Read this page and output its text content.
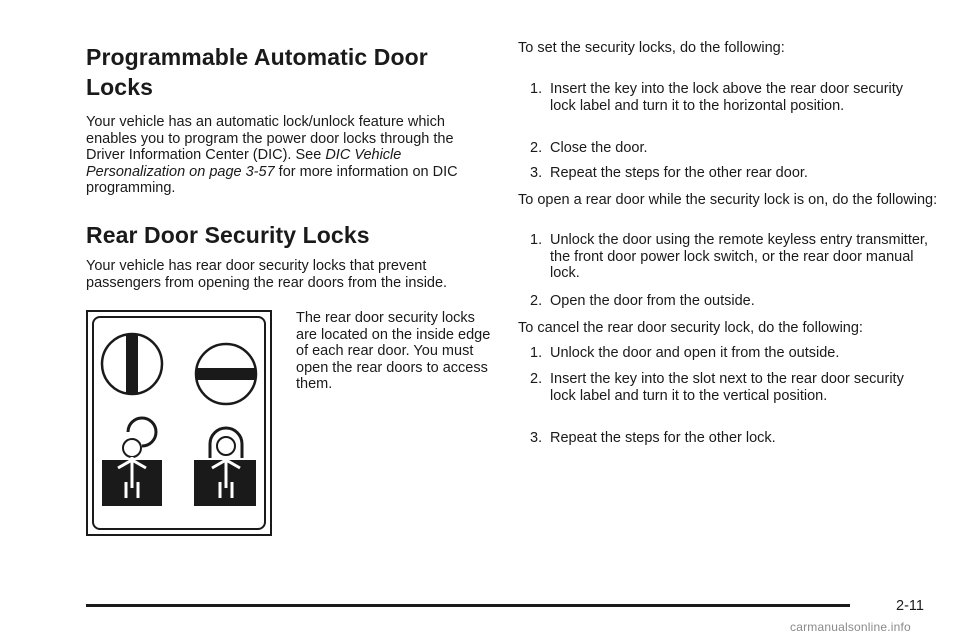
Programmable Automatic Door
Locks

Your vehicle has an automatic lock/unlock feature which enables you to program the power door locks through the Driver Information Center (DIC). See DIC Vehicle Personalization on page 3-57 for more information on DIC programming.

Rear Door Security Locks

Your vehicle has rear door security locks that prevent passengers from opening the rear doors from the inside.

The rear door security locks are located on the inside edge of each rear door. You must open the rear doors to access them.

To set the security locks, do the following:

1. Insert the key into the lock above the rear door security lock label and turn it to the horizontal position.
2. Close the door.
3. Repeat the steps for the other rear door.

To open a rear door while the security lock is on, do the following:

1. Unlock the door using the remote keyless entry transmitter, the front door power lock switch, or the rear door manual lock.
2. Open the door from the outside.

To cancel the rear door security lock, do the following:

1. Unlock the door and open it from the outside.
2. Insert the key into the slot next to the rear door security lock label and turn it to the vertical position.
3. Repeat the steps for the other lock.
2-11
carmanualsonline.info
